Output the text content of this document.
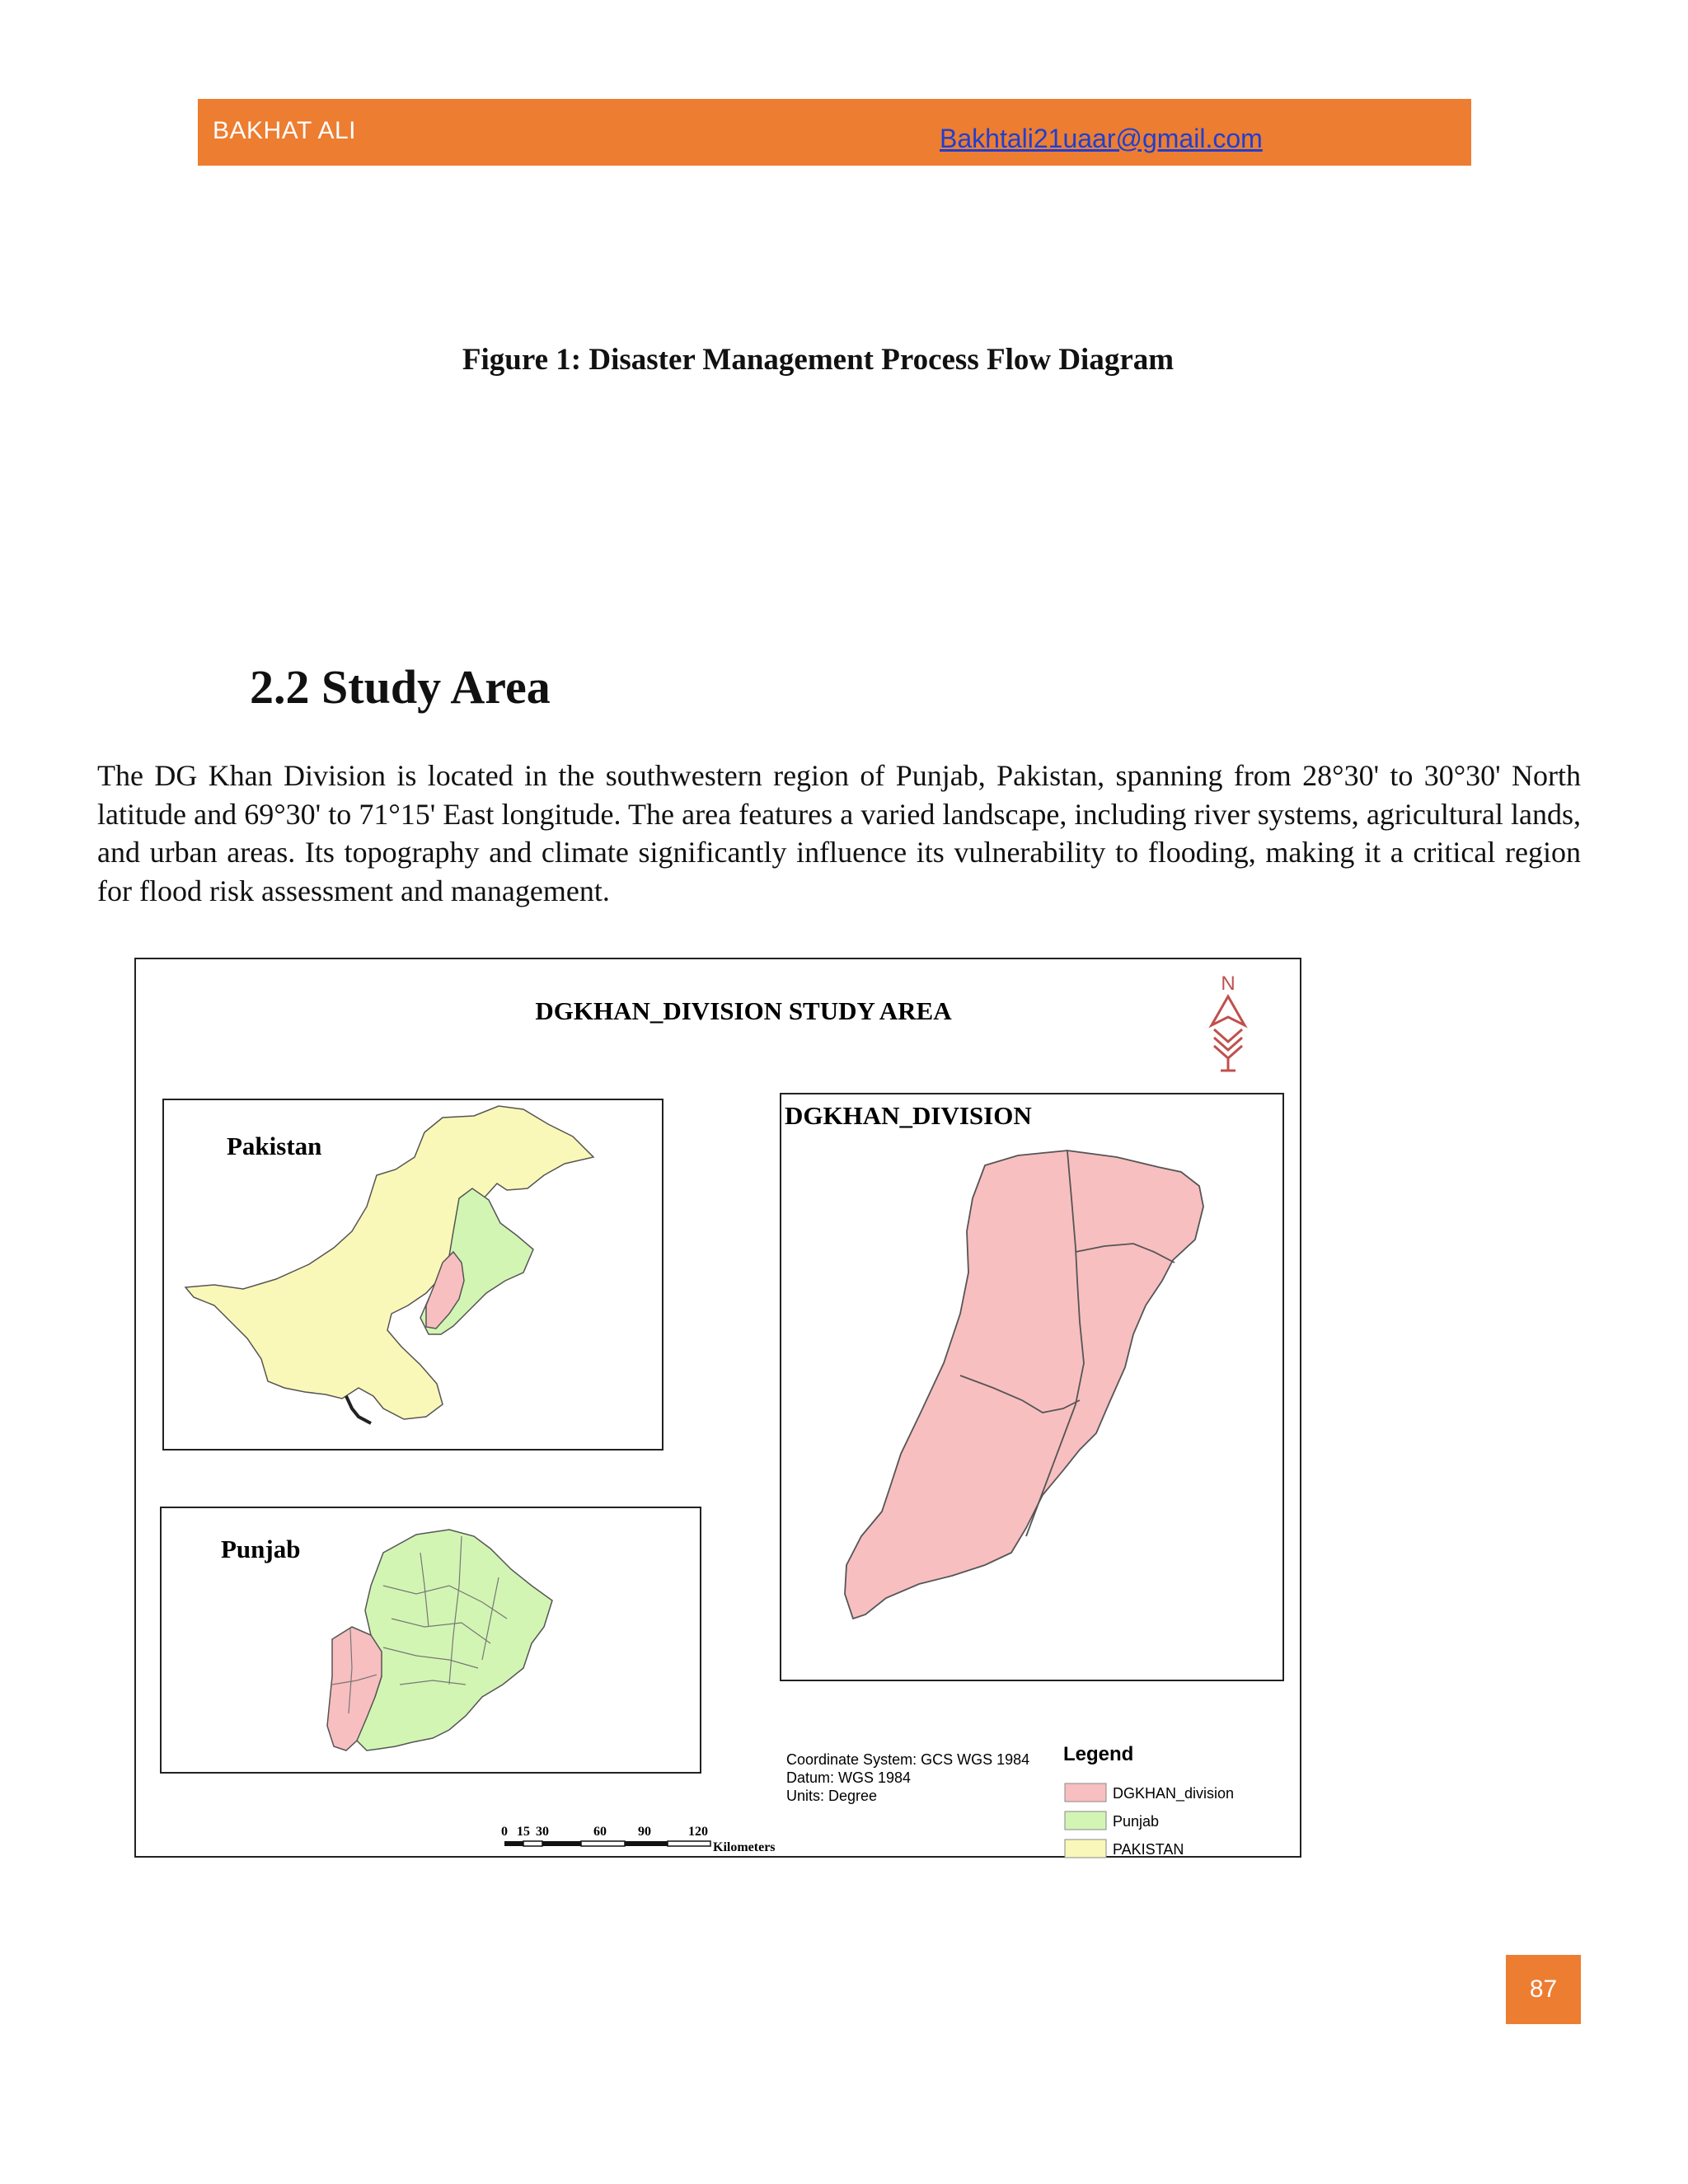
BAKHAT ALI	Bakhtali21uaar@gmail.com
Figure 1: Disaster Management Process Flow Diagram
2.2 Study Area
The DG Khan Division is located in the southwestern region of Punjab, Pakistan, spanning from 28°30' to 30°30' North latitude and 69°30' to 71°15' East longitude. The area features a varied landscape, including river systems, agricultural lands, and urban areas. Its topography and climate significantly influence its vulnerability to flooding, making it a critical region for flood risk assessment and management.
DGKHAN_DIVISION STUDY AREA
N
Pakistan
Punjab
DGKHAN_DIVISION
0 15 30	60 90	120
Kilometers
Coordinate System: GCS WGS 1984
Datum: WGS 1984
Units: Degree
Legend
DGKHAN_division
Punjab
PAKISTAN
87
